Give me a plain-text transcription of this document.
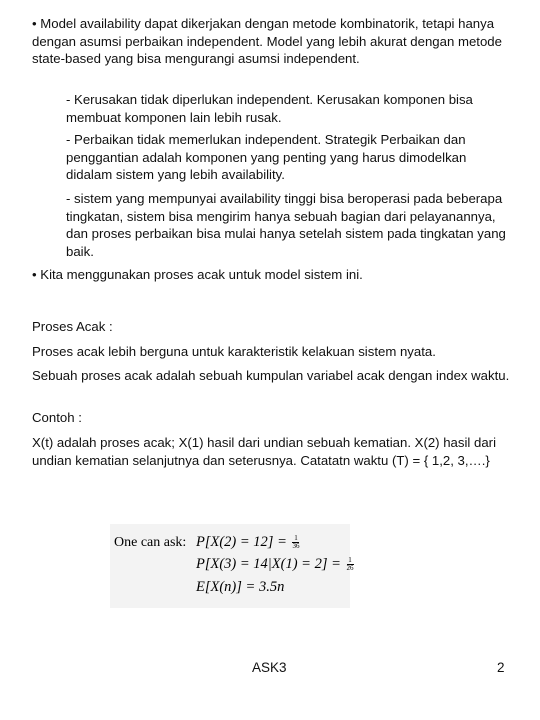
• Model availability dapat dikerjakan dengan metode kombinatorik, tetapi hanya dengan asumsi perbaikan independent. Model yang lebih akurat dengan metode state-based yang bisa mengurangi asumsi independent.
- Kerusakan tidak diperlukan independent. Kerusakan komponen bisa membuat komponen lain lebih rusak.
- Perbaikan tidak memerlukan independent. Strategik Perbaikan dan penggantian adalah komponen yang penting yang harus dimodelkan didalam sistem yang lebih availability.
- sistem yang mempunyai availability tinggi bisa beroperasi pada beberapa tingkatan, sistem bisa mengirim hanya sebuah bagian dari pelayanannya, dan proses perbaikan bisa mulai hanya setelah sistem pada tingkatan yang baik.
• Kita menggunakan proses acak untuk model sistem ini.
Proses Acak :
Proses acak lebih berguna untuk karakteristik kelakuan sistem nyata.
Sebuah proses acak adalah sebuah kumpulan variabel acak dengan index waktu.
Contoh :
X(t) adalah proses acak; X(1) hasil dari undian sebuah kematian. X(2) hasil dari undian kematian selanjutnya dan seterusnya. Catatatn waktu (T) = { 1,2, 3,….}
One can ask: $P[X(2) = 12] = \frac{1}{36}$
$P[X(3) = 14|X(1) = 2] = \frac{1}{26}$
E[X(n)] = 3.5n
ASK3	2
